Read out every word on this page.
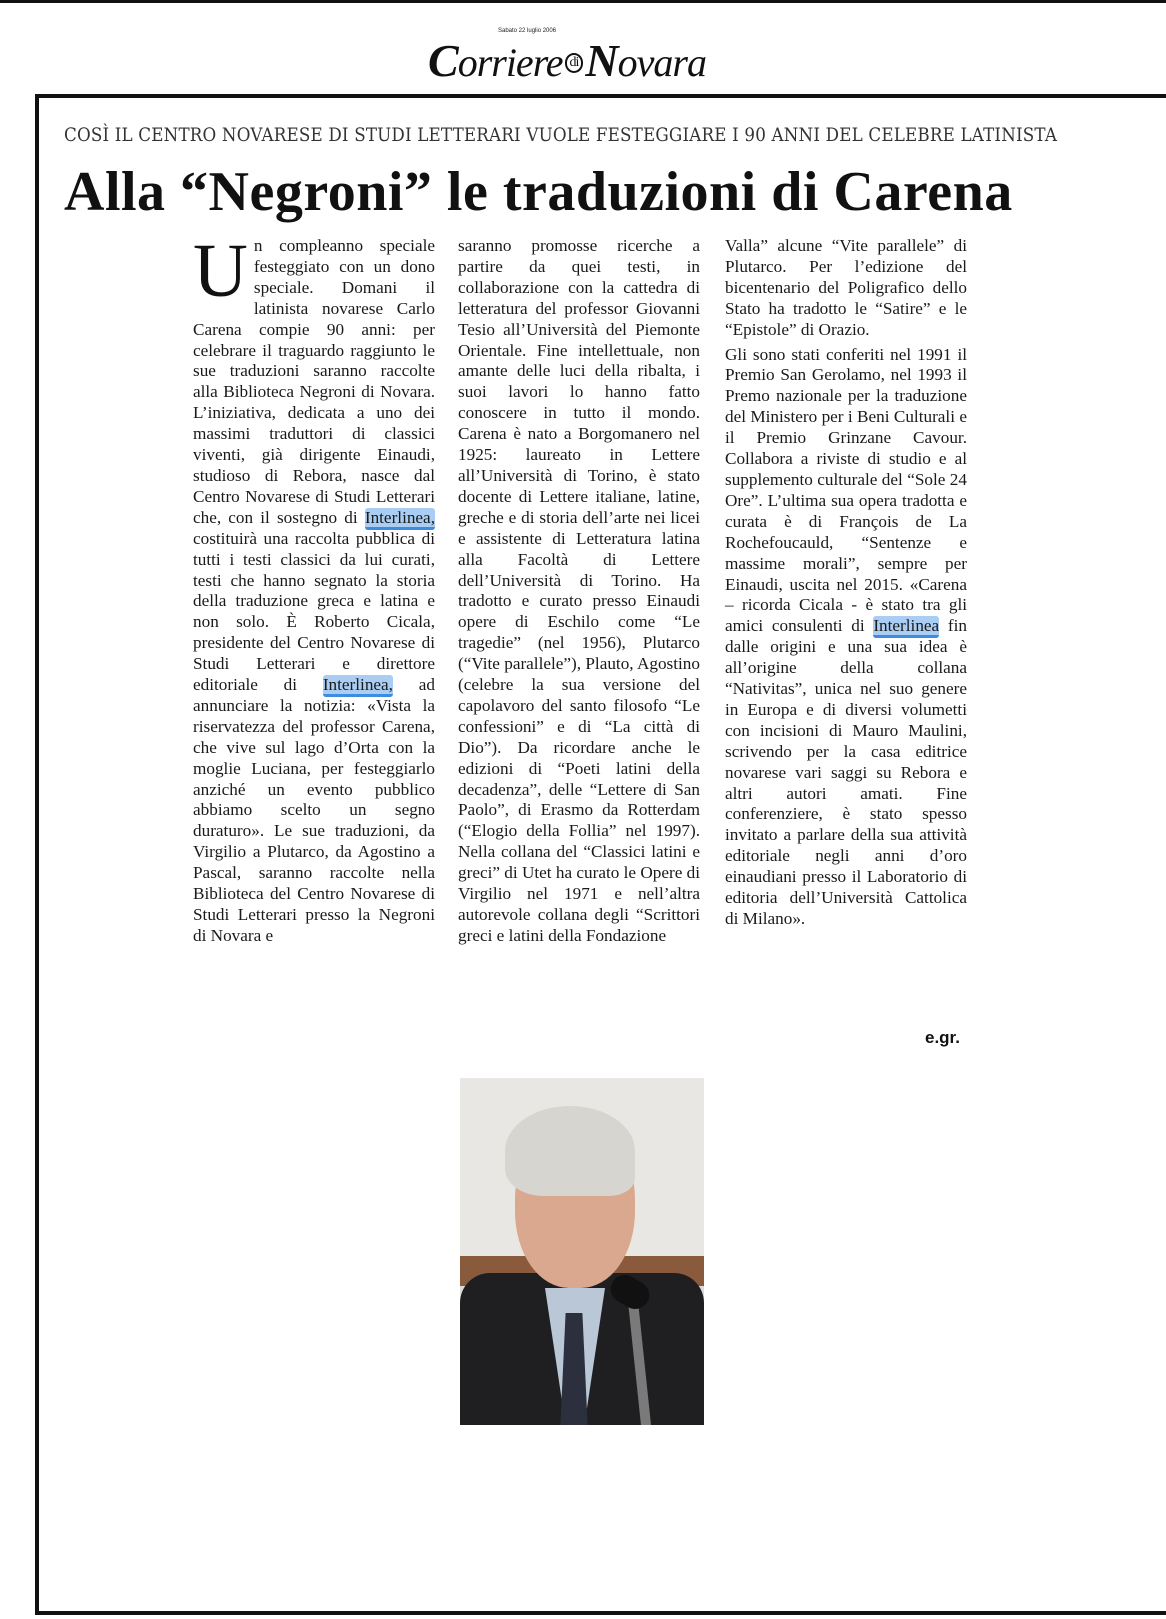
Sabato 22 luglio 2006
Corriere di Novara
COSÌ IL CENTRO NOVARESE DI STUDI LETTERARI VUOLE FESTEGGIARE I 90 ANNI DEL CELEBRE LATINISTA
Alla “Negroni” le traduzioni di Carena

Un compleanno speciale festeggiato con un dono speciale. Domani il latinista novarese Carlo Carena compie 90 anni: per celebrare il traguardo raggiunto le sue traduzioni saranno raccolte alla Biblioteca Negroni di Novara. L’iniziativa, dedicata a uno dei massimi traduttori di classici viventi, già dirigente Einaudi, studioso di Rebora, nasce dal Centro Novarese di Studi Letterari che, con il sostegno di Interlinea, costituirà una raccolta pubblica di tutti i testi classici da lui curati, testi che hanno segnato la storia della traduzione greca e latina e non solo. È Roberto Cicala, presidente del Centro Novarese di Studi Letterari e direttore editoriale di Interlinea, ad annunciare la notizia: «Vista la riservatezza del professor Carena, che vive sul lago d’Orta con la moglie Luciana, per festeggiarlo anziché un evento pubblico abbiamo scelto un segno duraturo». Le sue traduzioni, da Virgilio a Plutarco, da Agostino a Pascal, saranno raccolte nella Biblioteca del Centro Novarese di Studi Letterari presso la Negroni di Novara e

saranno promosse ricerche a partire da quei testi, in collaborazione con la cattedra di letteratura del professor Giovanni Tesio all’Università del Piemonte Orientale. Fine intellettuale, non amante delle luci della ribalta, i suoi lavori lo hanno fatto conoscere in tutto il mondo. Carena è nato a Borgomanero nel 1925: laureato in Lettere all’Università di Torino, è stato docente di Lettere italiane, latine, greche e di storia dell’arte nei licei e assistente di Letteratura latina alla Facoltà di Lettere dell’Università di Torino. Ha tradotto e curato presso Einaudi opere di Eschilo come “Le tragedie” (nel 1956), Plutarco (“Vite parallele”), Plauto, Agostino (celebre la sua versione del capolavoro del santo filosofo “Le confessioni” e di “La città di Dio”). Da ricordare anche le edizioni di “Poeti latini della decadenza”, delle “Lettere di San Paolo”, di Erasmo da Rotterdam (“Elogio della Follia” nel 1997). Nella collana del “Classici latini e greci” di Utet ha curato le Opere di Virgilio nel 1971 e nell’altra autorevole collana degli “Scrittori greci e latini della Fondazione

Valla” alcune “Vite parallele” di Plutarco. Per l’edizione del bicentenario del Poligrafico dello Stato ha tradotto le “Satire” e le “Epistole” di Orazio.

Gli sono stati conferiti nel 1991 il Premio San Gerolamo, nel 1993 il Premo nazionale per la traduzione del Ministero per i Beni Culturali e il Premio Grinzane Cavour. Collabora a riviste di studio e al supplemento culturale del “Sole 24 Ore”. L’ultima sua opera tradotta e curata è di François de La Rochefoucauld, “Sentenze e massime morali”, sempre per Einaudi, uscita nel 2015. «Carena – ricorda Cicala - è stato tra gli amici consulenti di Interlinea fin dalle origini e una sua idea è all’origine della collana “Nativitas”, unica nel suo genere in Europa e di diversi volumetti con incisioni di Mauro Maulini, scrivendo per la casa editrice novarese vari saggi su Rebora e altri autori amati. Fine conferenziere, è stato spesso invitato a parlare della sua attività editoriale negli anni d’oro einaudiani presso il Laboratorio di editoria dell’Università Cattolica di Milano».

e.gr.
